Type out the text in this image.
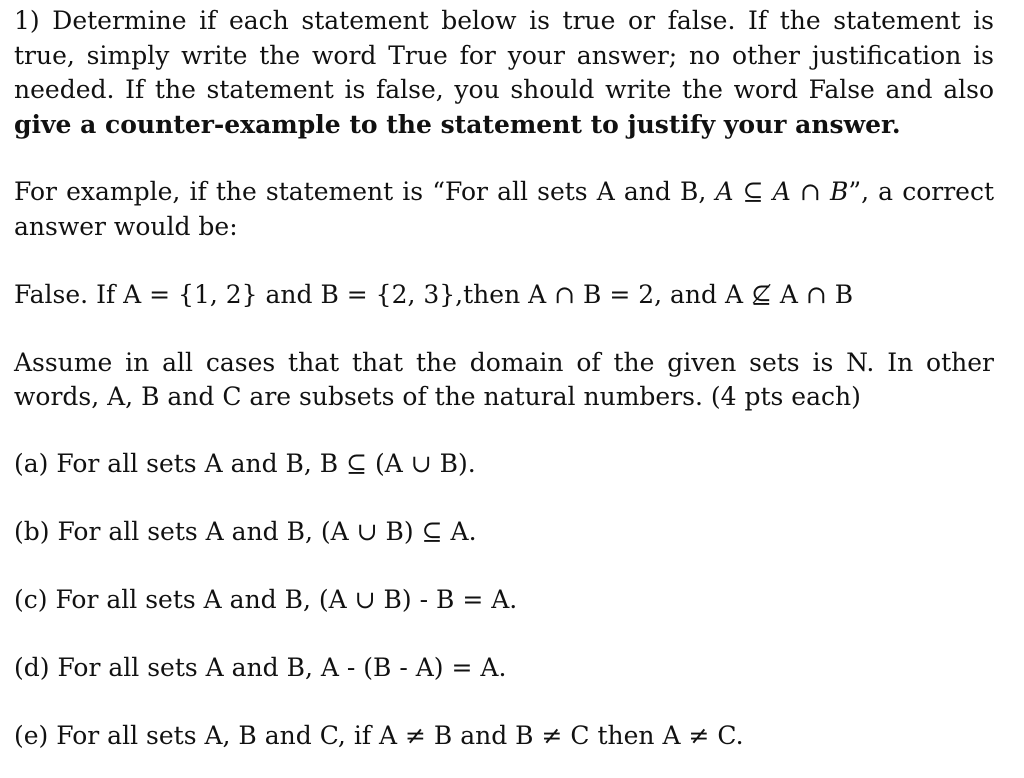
1) Determine if each statement below is true or false. If the statement is true, simply write the word True for your answer; no other justification is needed. If the statement is false, you should write the word False and also give a counter-example to the statement to justify your answer.

For example, if the statement is “For all sets A and B, A ⊆ A ∩ B”, a correct answer would be:

False. If A = {1, 2} and B = {2, 3},then A ∩ B = 2, and A ⊈ A ∩ B

Assume in all cases that that the domain of the given sets is N. In other words, A, B and C are subsets of the natural numbers. (4 pts each)

(a) For all sets A and B, B ⊆ (A ∪ B).

(b) For all sets A and B, (A ∪ B) ⊆ A.

(c) For all sets A and B, (A ∪ B) - B = A.

(d) For all sets A and B, A - (B - A) = A.

(e) For all sets A, B and C, if A ≠ B and B ≠ C then A ≠ C.
